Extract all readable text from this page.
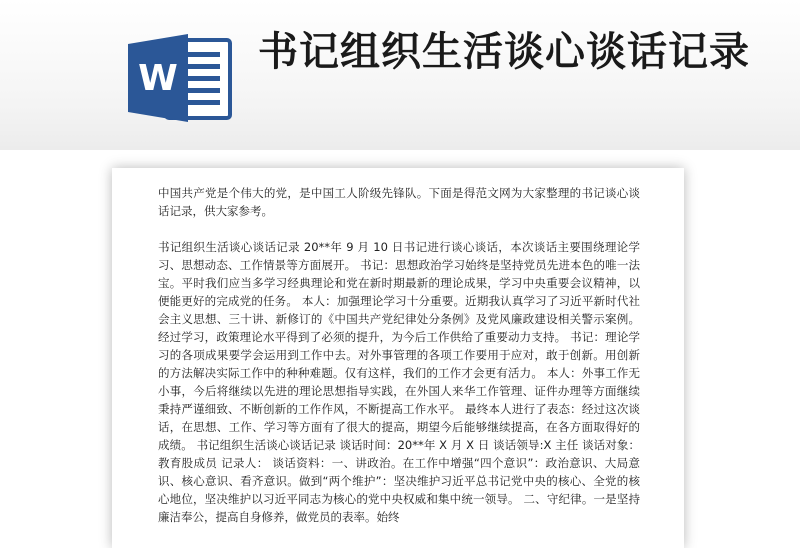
W
书记组织生活谈心谈话记录

中国共产党是个伟大的党，是中国工人阶级先锋队。下面是得范文网为大家整理的书记谈心谈话记录，供大家参考。

书记组织生活谈心谈话记录 20**年 9 月 10 日书记进行谈心谈话，本次谈话主要围绕理论学习、思想动态、工作情景等方面展开。 书记：思想政治学习始终是坚持党员先进本色的唯一法宝。平时我们应当多学习经典理论和党在新时期最新的理论成果，学习中央重要会议精神，以便能更好的完成党的任务。 本人：加强理论学习十分重要。近期我认真学习了习近平新时代社会主义思想、三十讲、新修订的《中国共产党纪律处分条例》及党风廉政建设相关警示案例。经过学习，政策理论水平得到了必须的提升，为今后工作供给了重要动力支持。 书记：理论学习的各项成果要学会运用到工作中去。对外事管理的各项工作要用于应对，敢于创新。用创新的方法解决实际工作中的种种难题。仅有这样，我们的工作才会更有活力。 本人：外事工作无小事，今后将继续以先进的理论思想指导实践，在外国人来华工作管理、证件办理等方面继续秉持严谨细致、不断创新的工作作风，不断提高工作水平。 最终本人进行了表态：经过这次谈话，在思想、工作、学习等方面有了很大的提高，期望今后能够继续提高，在各方面取得好的成绩。 书记组织生活谈心谈话记录 谈话时间：20**年 X 月 X 日 谈话领导:X 主任 谈话对象：教育股成员 记录人： 谈话资料：一、讲政治。在工作中增强“四个意识”：政治意识、大局意识、核心意识、看齐意识。做到“两个维护”：坚决维护习近平总书记党中央的核心、全党的核心地位，坚决维护以习近平同志为核心的党中央权威和集中统一领导。 二、守纪律。一是坚持廉洁奉公，提高自身修养，做党员的表率。始终
